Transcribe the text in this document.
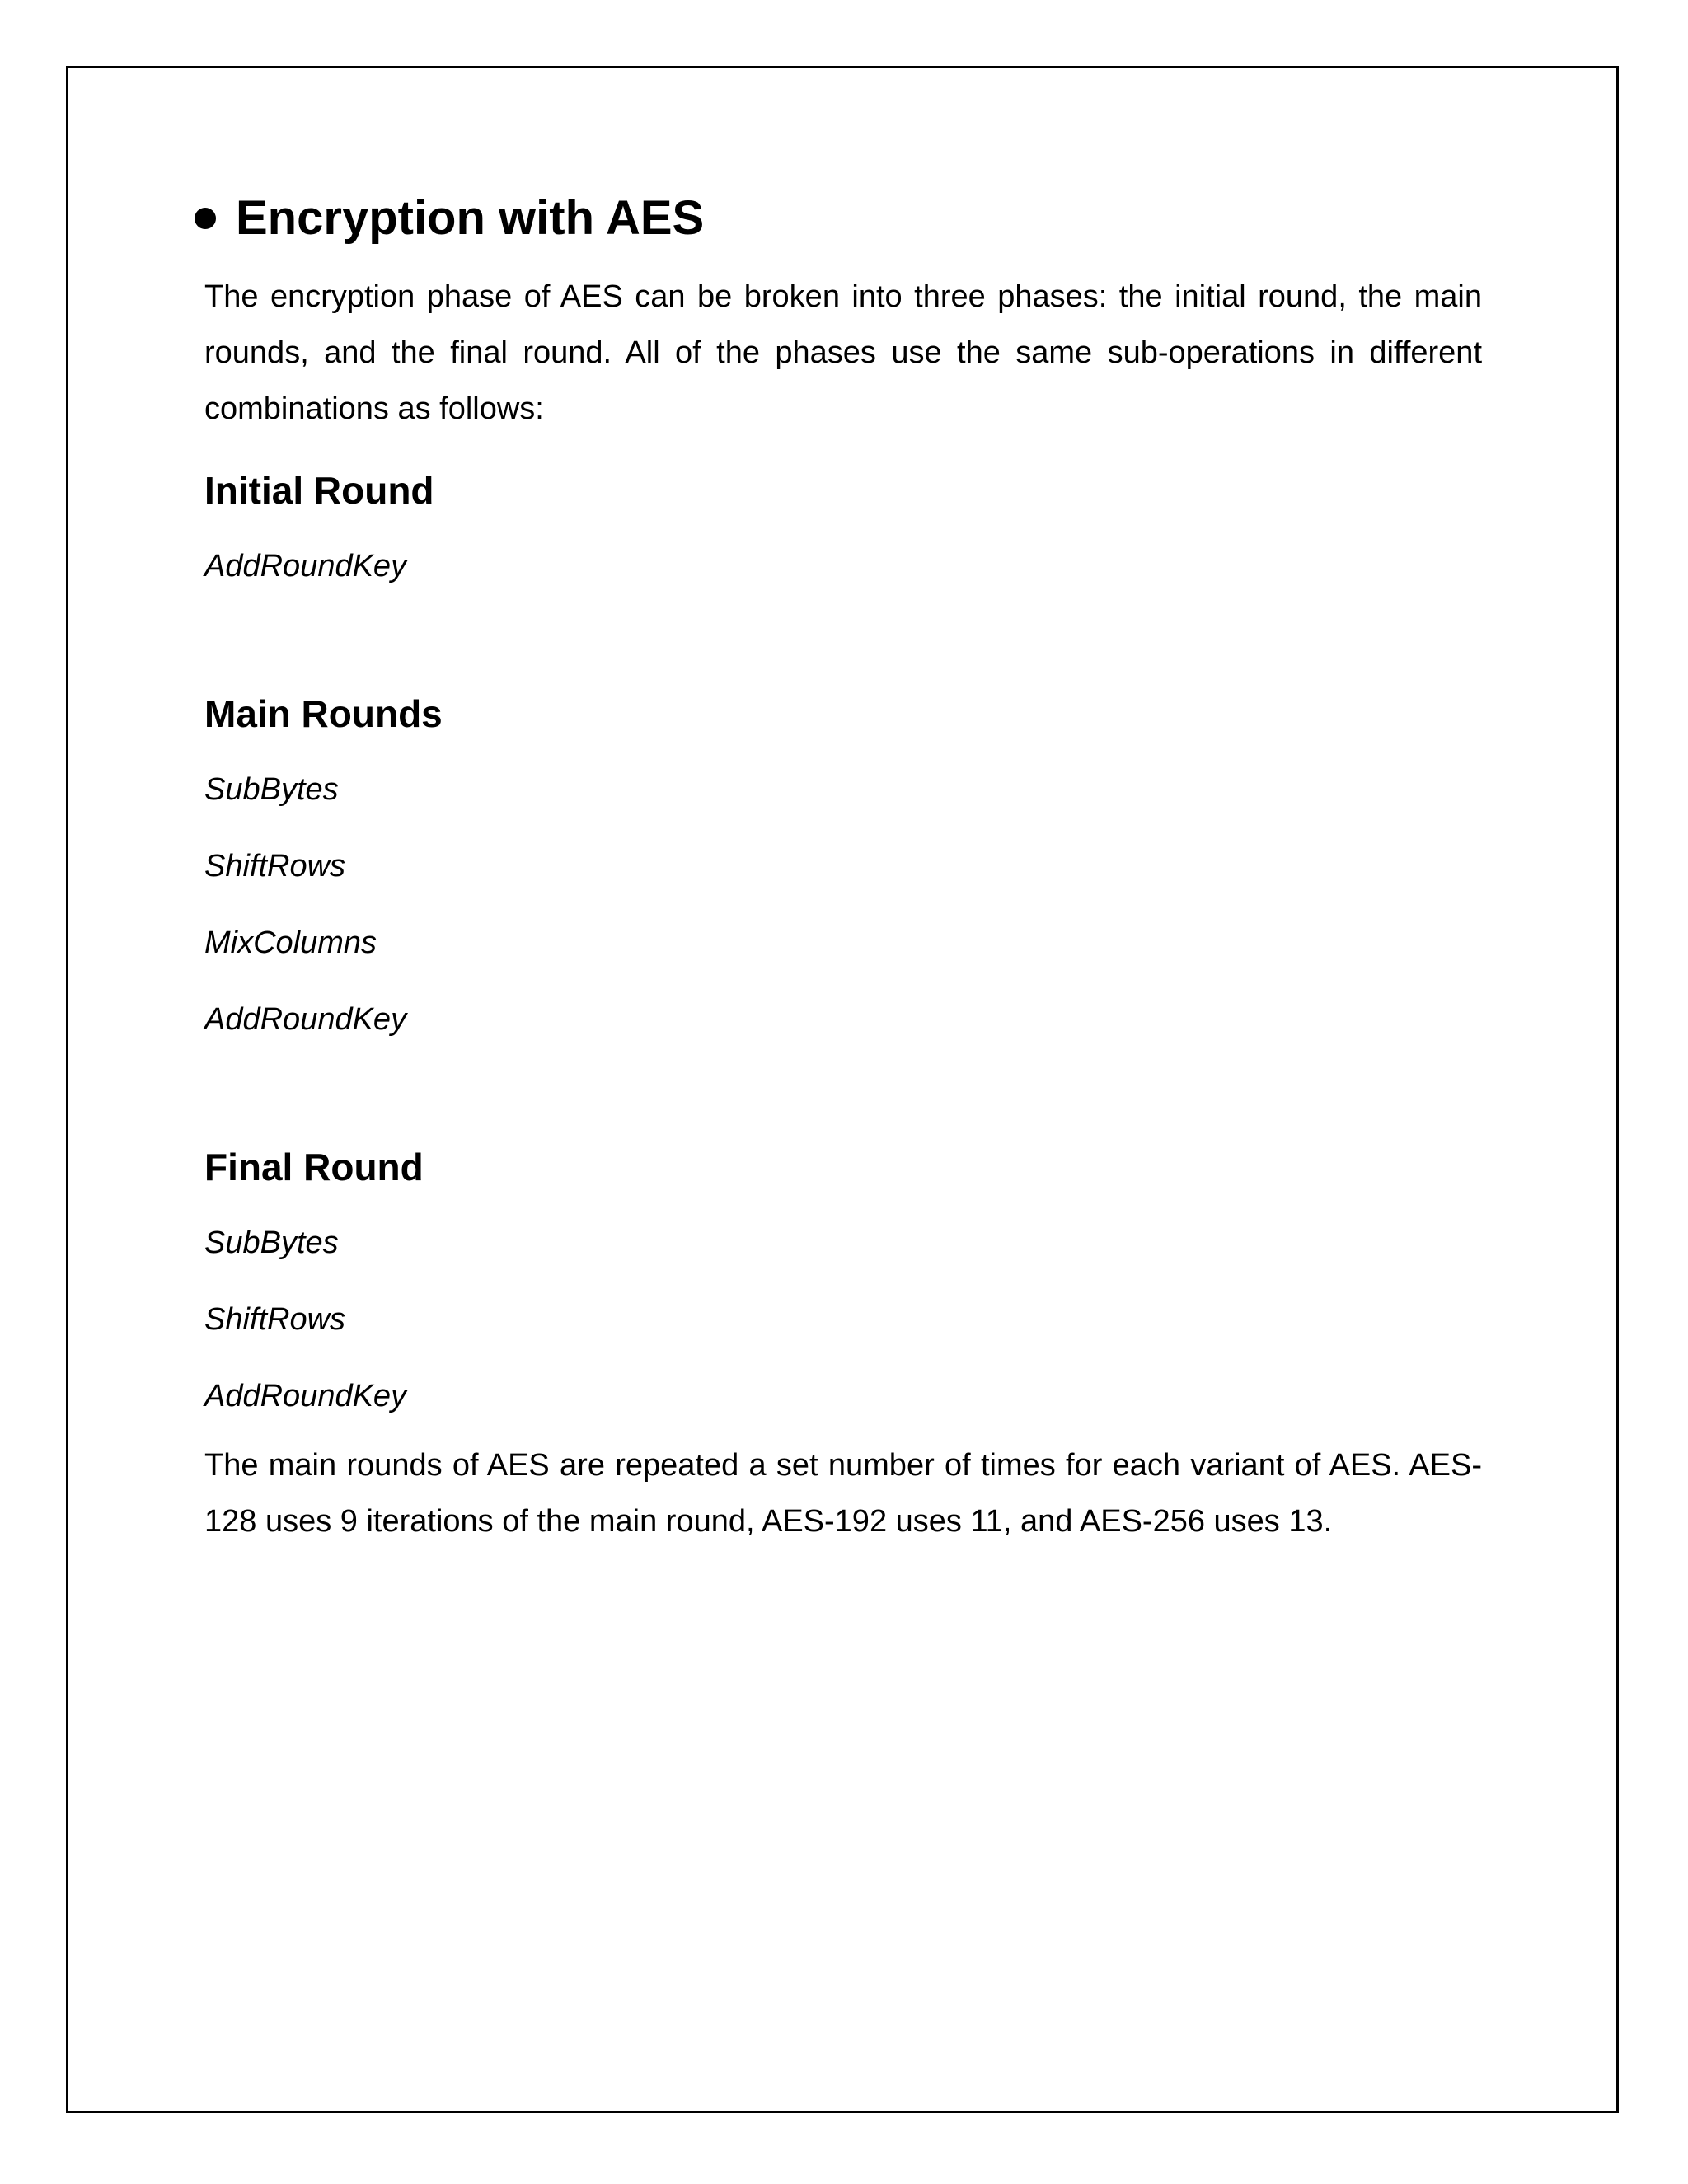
Encryption with AES

The encryption phase of AES can be broken into three phases: the initial round, the main rounds, and the final round. All of the phases use the same sub-operations in different combinations as follows:

Initial Round
AddRoundKey
Main Rounds
SubBytes
ShiftRows
MixColumns
AddRoundKey
Final Round
SubBytes
ShiftRows
AddRoundKey

The main rounds of AES are repeated a set number of times for each variant of AES. AES-128 uses 9 iterations of the main round, AES-192 uses 11, and AES-256 uses 13.
